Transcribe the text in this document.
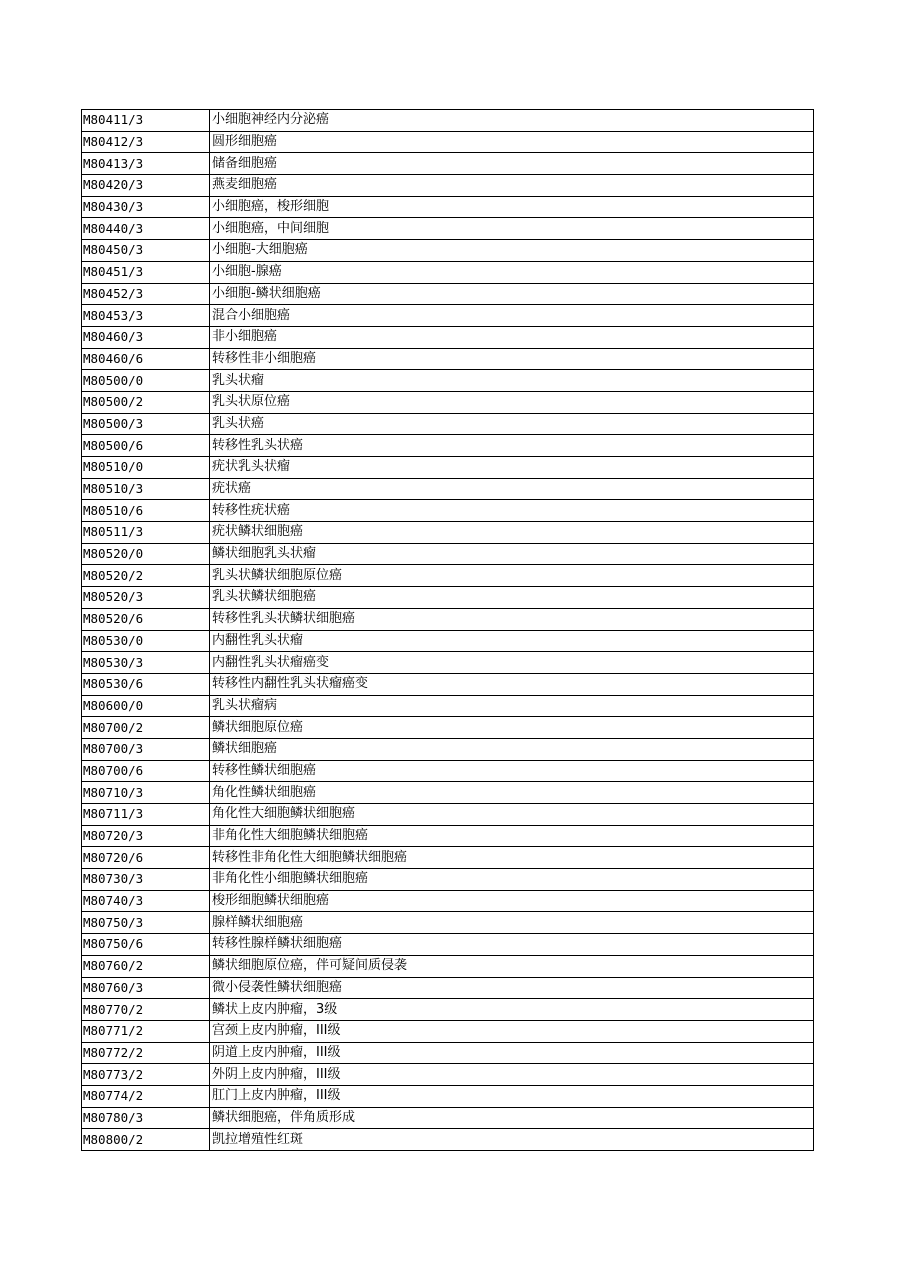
M80411/3	小细胞神经内分泌癌
M80412/3	圆形细胞癌
M80413/3	储备细胞癌
M80420/3	燕麦细胞癌
M80430/3	小细胞癌，梭形细胞
M80440/3	小细胞癌，中间细胞
M80450/3	小细胞-大细胞癌
M80451/3	小细胞-腺癌
M80452/3	小细胞-鳞状细胞癌
M80453/3	混合小细胞癌
M80460/3	非小细胞癌
M80460/6	转移性非小细胞癌
M80500/0	乳头状瘤
M80500/2	乳头状原位癌
M80500/3	乳头状癌
M80500/6	转移性乳头状癌
M80510/0	疣状乳头状瘤
M80510/3	疣状癌
M80510/6	转移性疣状癌
M80511/3	疣状鳞状细胞癌
M80520/0	鳞状细胞乳头状瘤
M80520/2	乳头状鳞状细胞原位癌
M80520/3	乳头状鳞状细胞癌
M80520/6	转移性乳头状鳞状细胞癌
M80530/0	内翻性乳头状瘤
M80530/3	内翻性乳头状瘤癌变
M80530/6	转移性内翻性乳头状瘤癌变
M80600/0	乳头状瘤病
M80700/2	鳞状细胞原位癌
M80700/3	鳞状细胞癌
M80700/6	转移性鳞状细胞癌
M80710/3	角化性鳞状细胞癌
M80711/3	角化性大细胞鳞状细胞癌
M80720/3	非角化性大细胞鳞状细胞癌
M80720/6	转移性非角化性大细胞鳞状细胞癌
M80730/3	非角化性小细胞鳞状细胞癌
M80740/3	梭形细胞鳞状细胞癌
M80750/3	腺样鳞状细胞癌
M80750/6	转移性腺样鳞状细胞癌
M80760/2	鳞状细胞原位癌，伴可疑间质侵袭
M80760/3	微小侵袭性鳞状细胞癌
M80770/2	鳞状上皮内肿瘤，3级
M80771/2	宫颈上皮内肿瘤，III级
M80772/2	阴道上皮内肿瘤，III级
M80773/2	外阴上皮内肿瘤，III级
M80774/2	肛门上皮内肿瘤，III级
M80780/3	鳞状细胞癌，伴角质形成
M80800/2	凯拉增殖性红斑
